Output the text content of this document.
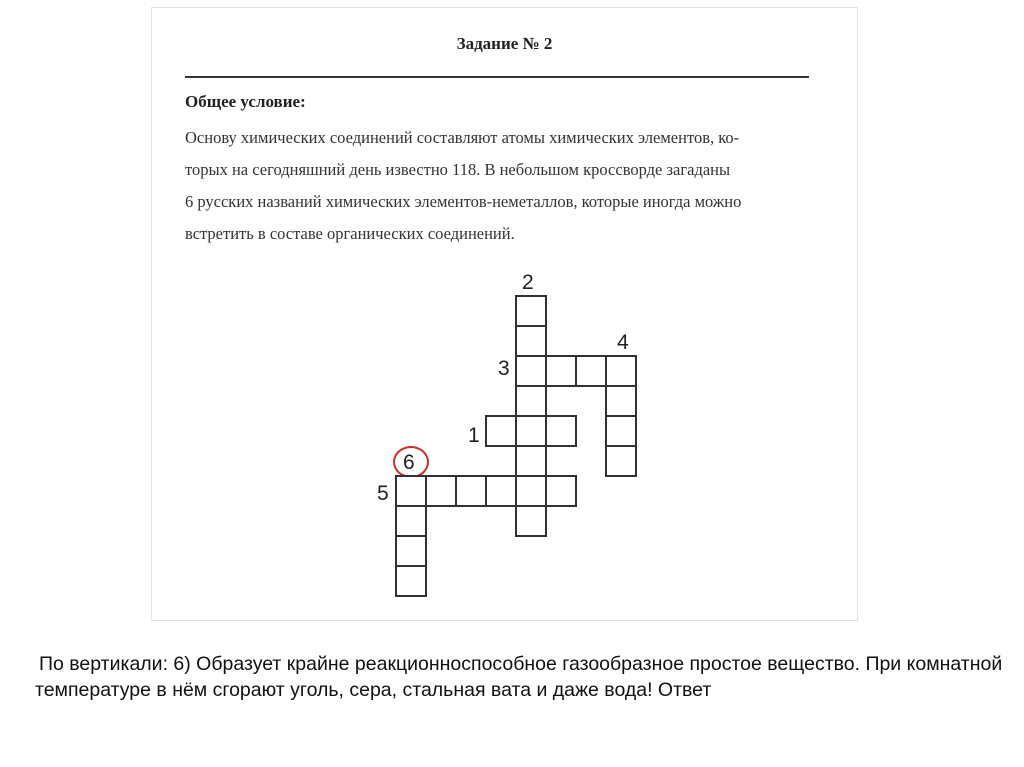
Задание № 2
Общее условие:

Основу химических соединений составляют атомы химических элементов, ко-

торых на сегодняшний день известно 118. В небольшом кроссворде загаданы

6 русских названий химических элементов-неметаллов, которые иногда можно

встретить в составе органических соединений.

2
4
3
1
6
5

По вертикали: 6) Образует крайне реакционноспособное газообразное простое вещество. При комнатной температуре в нём сгорают уголь, сера, стальная вата и даже вода! Ответ
